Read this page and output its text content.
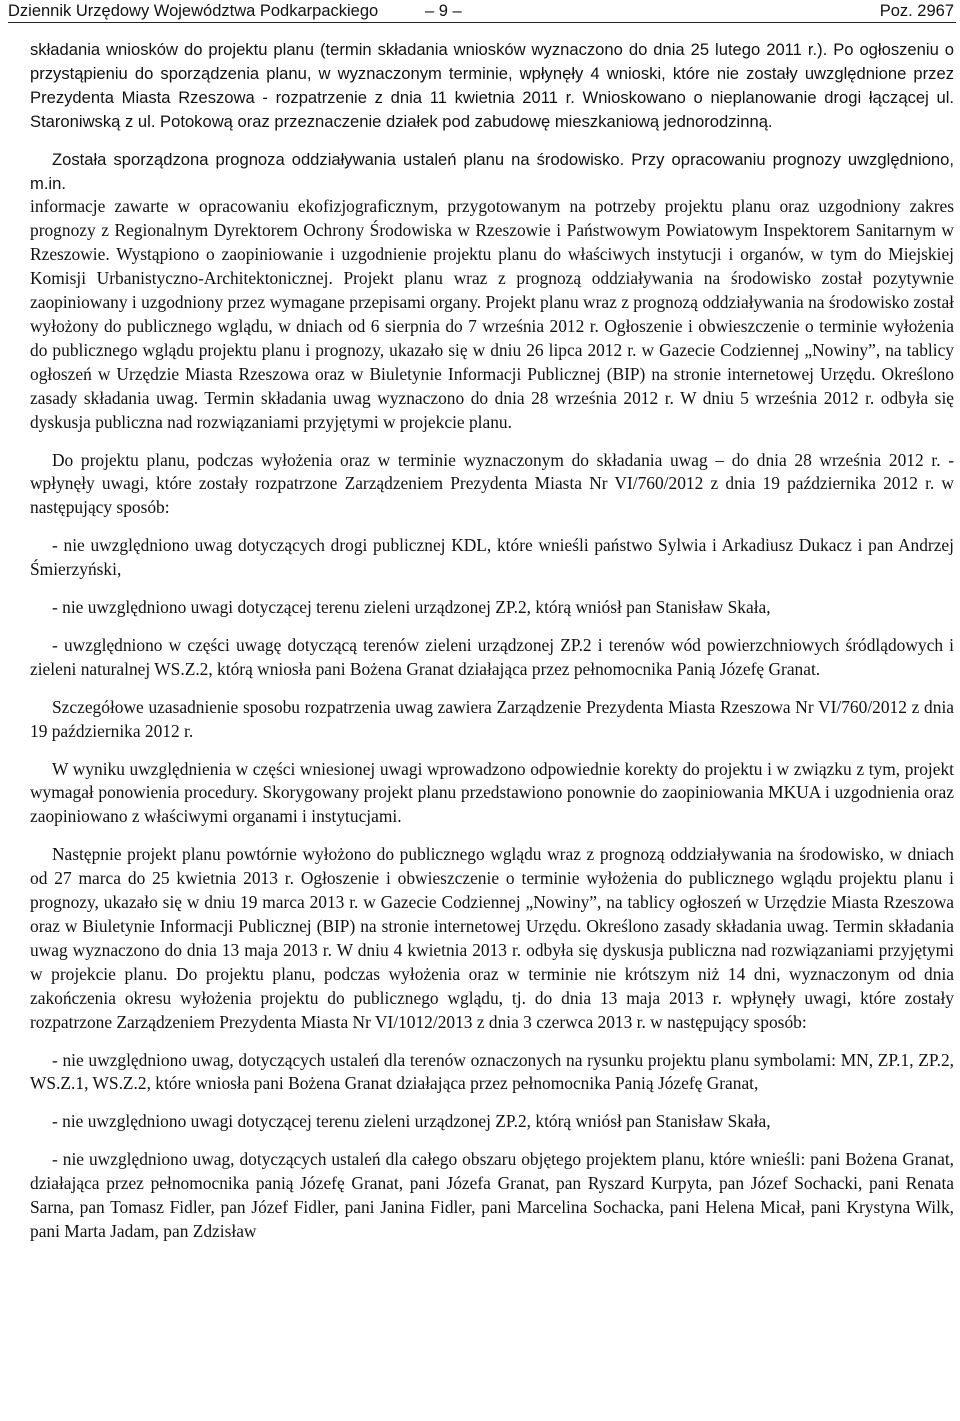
Dziennik Urzędowy Województwa Podkarpackiego	– 9 –	Poz. 2967

składania wniosków do projektu planu (termin składania wniosków wyznaczono do dnia 25 lutego 2011 r.). Po ogłoszeniu o przystąpieniu do sporządzenia planu, w wyznaczonym terminie, wpłynęły 4 wnioski, które nie zostały uwzględnione przez Prezydenta Miasta Rzeszowa - rozpatrzenie z dnia 11 kwietnia 2011 r. Wnioskowano o nieplanowanie drogi łączącej ul. Staroniwską z ul. Potokową oraz przeznaczenie działek pod zabudowę mieszkaniową jednorodzinną.

Została sporządzona prognoza oddziaływania ustaleń planu na środowisko. Przy opracowaniu prognozy uwzględniono, m.in.

informacje zawarte w opracowaniu ekofizjograficznym, przygotowanym na potrzeby projektu planu oraz uzgodniony zakres prognozy z Regionalnym Dyrektorem Ochrony Środowiska w Rzeszowie i Państwowym Powiatowym Inspektorem Sanitarnym w Rzeszowie. Wystąpiono o zaopiniowanie i uzgodnienie projektu planu do właściwych instytucji i organów, w tym do Miejskiej Komisji Urbanistyczno-Architektonicznej. Projekt planu wraz z prognozą oddziaływania na środowisko został pozytywnie zaopiniowany i uzgodniony przez wymagane przepisami organy. Projekt planu wraz z prognozą oddziaływania na środowisko został wyłożony do publicznego wglądu, w dniach od 6 sierpnia do 7 września 2012 r. Ogłoszenie i obwieszczenie o terminie wyłożenia do publicznego wglądu projektu planu i prognozy, ukazało się w dniu 26 lipca 2012 r. w Gazecie Codziennej „Nowiny”, na tablicy ogłoszeń w Urzędzie Miasta Rzeszowa oraz w Biuletynie Informacji Publicznej (BIP) na stronie internetowej Urzędu. Określono zasady składania uwag. Termin składania uwag wyznaczono do dnia 28 września 2012 r. W dniu 5 września 2012 r. odbyła się dyskusja publiczna nad rozwiązaniami przyjętymi w projekcie planu.

Do projektu planu, podczas wyłożenia oraz w terminie wyznaczonym do składania uwag – do dnia 28 września 2012 r. - wpłynęły uwagi, które zostały rozpatrzone Zarządzeniem Prezydenta Miasta Nr VI/760/2012 z dnia 19 października 2012 r. w następujący sposób:

- nie uwzględniono uwag dotyczących drogi publicznej KDL, które wnieśli państwo Sylwia i Arkadiusz Dukacz i pan Andrzej Śmierzyński,

- nie uwzględniono uwagi dotyczącej terenu zieleni urządzonej ZP.2, którą wniósł pan Stanisław Skała,

- uwzględniono w części uwagę dotyczącą terenów zieleni urządzonej ZP.2 i terenów wód powierzchniowych śródlądowych i zieleni naturalnej WS.Z.2, którą wniosła pani Bożena Granat działająca przez pełnomocnika Panią Józefę Granat.

Szczegółowe uzasadnienie sposobu rozpatrzenia uwag zawiera Zarządzenie Prezydenta Miasta Rzeszowa Nr VI/760/2012 z dnia 19 października 2012 r.

W wyniku uwzględnienia w części wniesionej uwagi wprowadzono odpowiednie korekty do projektu i w związku z tym, projekt wymagał ponowienia procedury. Skorygowany projekt planu przedstawiono ponownie do zaopiniowania MKUA i uzgodnienia oraz zaopiniowano z właściwymi organami i instytucjami.

Następnie projekt planu powtórnie wyłożono do publicznego wglądu wraz z prognozą oddziaływania na środowisko, w dniach od 27 marca do 25 kwietnia 2013 r. Ogłoszenie i obwieszczenie o terminie wyłożenia do publicznego wglądu projektu planu i prognozy, ukazało się w dniu 19 marca 2013 r. w Gazecie Codziennej „Nowiny”, na tablicy ogłoszeń w Urzędzie Miasta Rzeszowa oraz w Biuletynie Informacji Publicznej (BIP) na stronie internetowej Urzędu. Określono zasady składania uwag. Termin składania uwag wyznaczono do dnia 13 maja 2013 r. W dniu 4 kwietnia 2013 r. odbyła się dyskusja publiczna nad rozwiązaniami przyjętymi w projekcie planu. Do projektu planu, podczas wyłożenia oraz w terminie nie krótszym niż 14 dni, wyznaczonym od dnia zakończenia okresu wyłożenia projektu do publicznego wglądu, tj. do dnia 13 maja 2013 r. wpłynęły uwagi, które zostały rozpatrzone Zarządzeniem Prezydenta Miasta Nr VI/1012/2013 z dnia 3 czerwca 2013 r. w następujący sposób:

- nie uwzględniono uwag, dotyczących ustaleń dla terenów oznaczonych na rysunku projektu planu symbolami: MN, ZP.1, ZP.2, WS.Z.1, WS.Z.2, które wniosła pani Bożena Granat działająca przez pełnomocnika Panią Józefę Granat,

- nie uwzględniono uwagi dotyczącej terenu zieleni urządzonej ZP.2, którą wniósł pan Stanisław Skała,

- nie uwzględniono uwag, dotyczących ustaleń dla całego obszaru objętego projektem planu, które wnieśli: pani Bożena Granat, działająca przez pełnomocnika panią Józefę Granat, pani Józefa Granat, pan Ryszard Kurpyta, pan Józef Sochacki, pani Renata Sarna, pan Tomasz Fidler, pan Józef Fidler, pani Janina Fidler, pani Marcelina Sochacka, pani Helena Micał, pani Krystyna Wilk, pani Marta Jadam, pan Zdzisław
